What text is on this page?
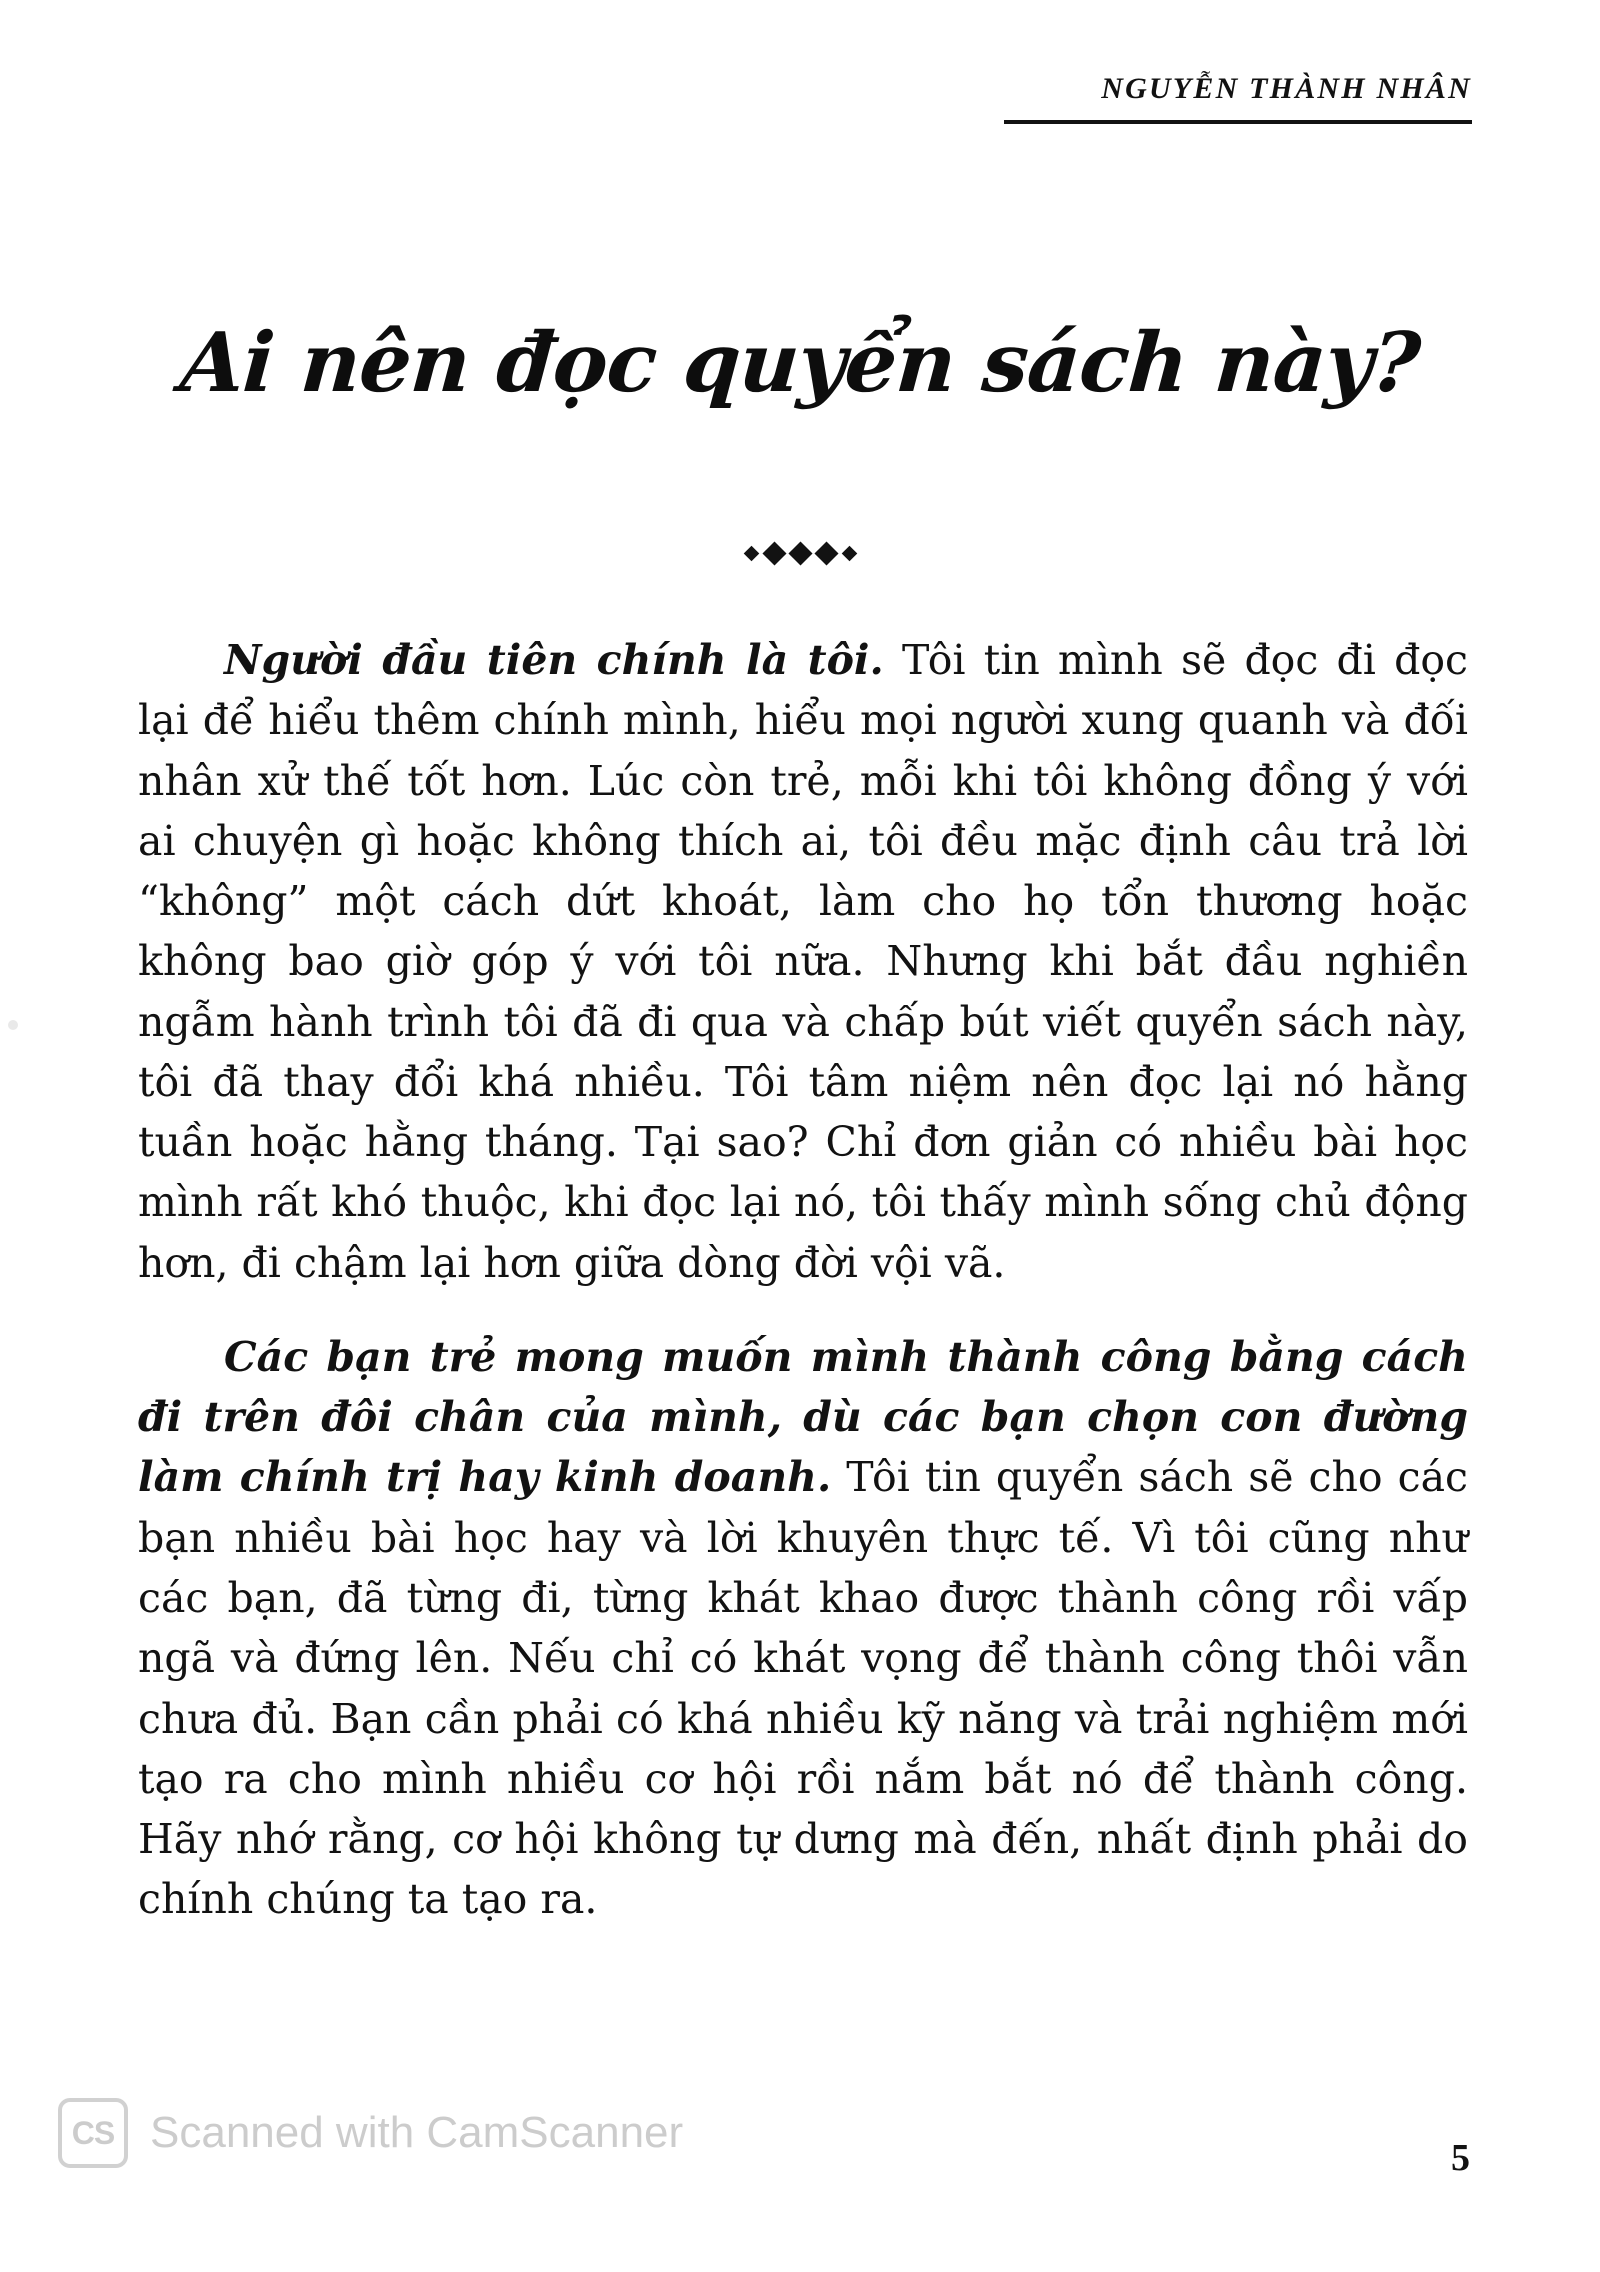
NGUYỄN THÀNH NHÂN
Ai nên đọc quyển sách này?

Người đầu tiên chính là tôi. Tôi tin mình sẽ đọc đi đọc lại để hiểu thêm chính mình, hiểu mọi người xung quanh và đối nhân xử thế tốt hơn. Lúc còn trẻ, mỗi khi tôi không đồng ý với ai chuyện gì hoặc không thích ai, tôi đều mặc định câu trả lời “không” một cách dứt khoát, làm cho họ tổn thương hoặc không bao giờ góp ý với tôi nữa. Nhưng khi bắt đầu nghiền ngẫm hành trình tôi đã đi qua và chấp bút viết quyển sách này, tôi đã thay đổi khá nhiều. Tôi tâm niệm nên đọc lại nó hằng tuần hoặc hằng tháng. Tại sao? Chỉ đơn giản có nhiều bài học mình rất khó thuộc, khi đọc lại nó, tôi thấy mình sống chủ động hơn, đi chậm lại hơn giữa dòng đời vội vã.

Các bạn trẻ mong muốn mình thành công bằng cách đi trên đôi chân của mình, dù các bạn chọn con đường làm chính trị hay kinh doanh. Tôi tin quyển sách sẽ cho các bạn nhiều bài học hay và lời khuyên thực tế. Vì tôi cũng như các bạn, đã từng đi, từng khát khao được thành công rồi vấp ngã và đứng lên. Nếu chỉ có khát vọng để thành công thôi vẫn chưa đủ. Bạn cần phải có khá nhiều kỹ năng và trải nghiệm mới tạo ra cho mình nhiều cơ hội rồi nắm bắt nó để thành công. Hãy nhớ rằng, cơ hội không tự dưng mà đến, nhất định phải do chính chúng ta tạo ra.

CS Scanned with CamScanner
5
